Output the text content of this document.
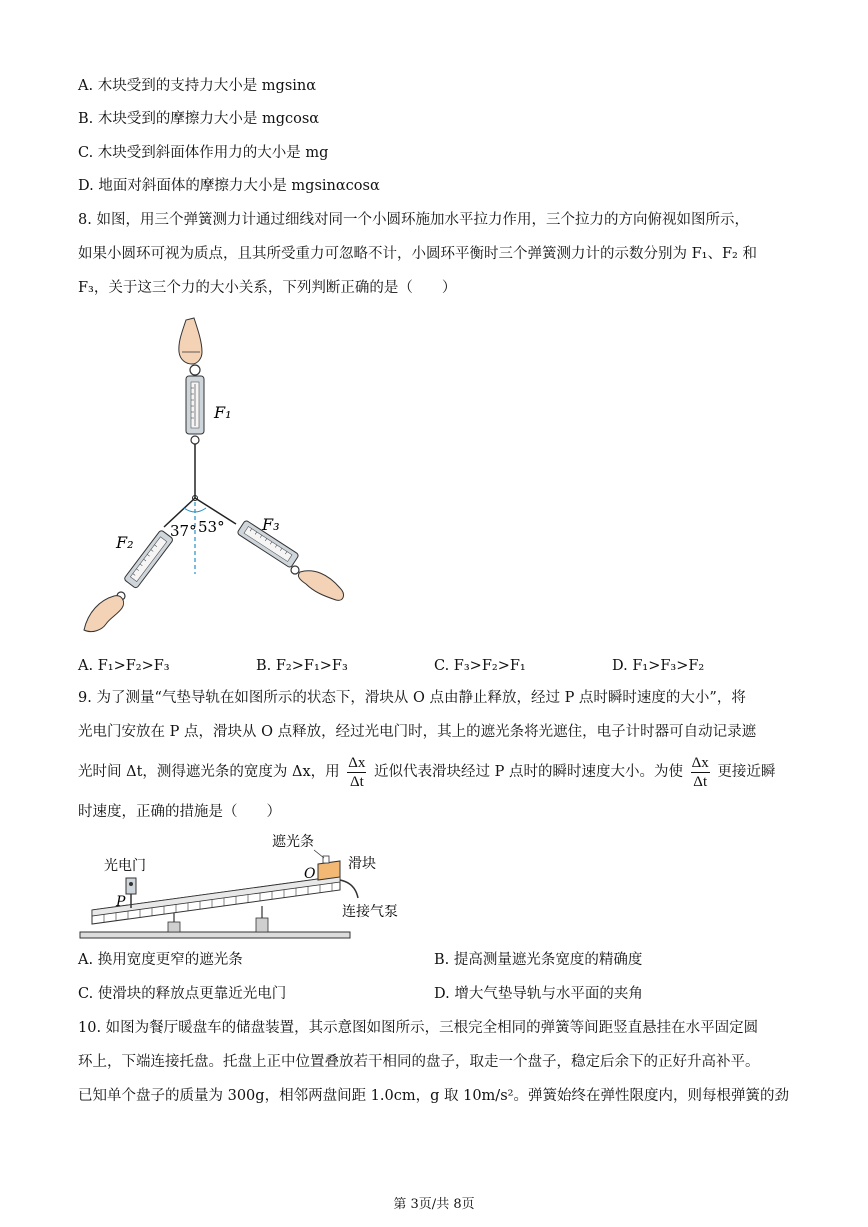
A. 木块受到的支持力大小是 mgsinα
B. 木块受到的摩擦力大小是 mgcosα
C. 木块受到斜面体作用力的大小是 mg
D. 地面对斜面体的摩擦力大小是 mgsinαcosα
8. 如图，用三个弹簧测力计通过细线对同一个小圆环施加水平拉力作用，三个拉力的方向俯视如图所示，
如果小圆环可视为质点，且其所受重力可忽略不计，小圆环平衡时三个弹簧测力计的示数分别为 F₁、F₂ 和
F₃，关于这三个力的大小关系，下列判断正确的是（　　）
F₁
37° 53°
F₂
F₃
A. F₁>F₂>F₃	B. F₂>F₁>F₃	C. F₃>F₂>F₁	D. F₁>F₃>F₂
9. 为了测量“气垫导轨在如图所示的状态下，滑块从 O 点由静止释放，经过 P 点时瞬时速度的大小”，将
光电门安放在 P 点，滑块从 O 点释放，经过光电门时，其上的遮光条将光遮住，电子计时器可自动记录遮
光时间 Δt，测得遮光条的宽度为 Δx，用 $\frac{\Delta x}{\Delta t}$ 近似代表滑块经过 P 点时的瞬时速度大小。为使 $\frac{\Delta x}{\Delta t}$ 更接近瞬
时速度，正确的措施是（　　）
光电门
P
遮光条
O
滑块
连接气泵
A. 换用宽度更窄的遮光条	B. 提高测量遮光条宽度的精确度
C. 使滑块的释放点更靠近光电门	D. 增大气垫导轨与水平面的夹角
10. 如图为餐厅暖盘车的储盘装置，其示意图如图所示，三根完全相同的弹簧等间距竖直悬挂在水平固定圆
环上，下端连接托盘。托盘上正中位置叠放若干相同的盘子，取走一个盘子，稳定后余下的正好升高补平。
已知单个盘子的质量为 300g，相邻两盘间距 1.0cm，g 取 10m/s²。弹簧始终在弹性限度内，则每根弹簧的劲
第 3页/共 8页
